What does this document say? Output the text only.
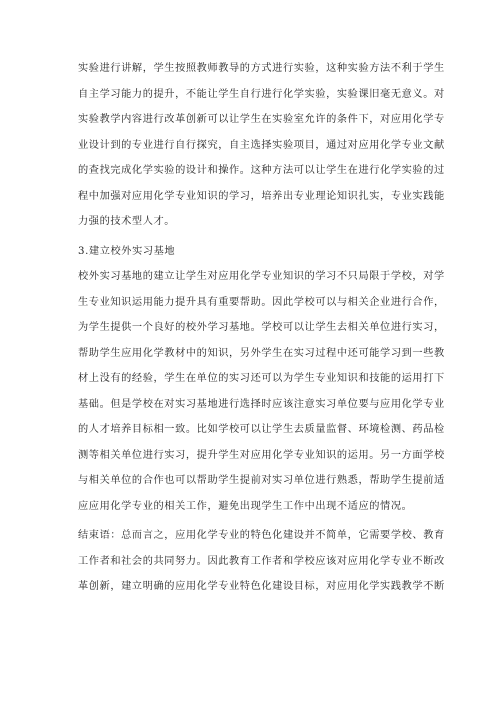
实验进行讲解，学生按照教师教导的方式进行实验，这种实验方法不利于学生
自主学习能力的提升，不能让学生自行进行化学实验，实验课旧毫无意义。对
实验教学内容进行改革创新可以让学生在实验室允许的条件下，对应用化学专
业设计到的专业进行自行探究，自主选择实验项目，通过对应用化学专业文献
的查找完成化学实验的设计和操作。这种方法可以让学生在进行化学实验的过
程中加强对应用化学专业知识的学习，培养出专业理论知识扎实，专业实践能
力强的技术型人才。

3.建立校外实习基地

校外实习基地的建立让学生对应用化学专业知识的学习不只局限于学校，对学
生专业知识运用能力提升具有重要帮助。因此学校可以与相关企业进行合作，
为学生提供一个良好的校外学习基地。学校可以让学生去相关单位进行实习，
帮助学生应用化学教材中的知识，另外学生在实习过程中还可能学习到一些教
材上没有的经验，学生在单位的实习还可以为学生专业知识和技能的运用打下
基础。但是学校在对实习基地进行选择时应该注意实习单位要与应用化学专业
的人才培养目标相一致。比如学校可以让学生去质量监督、环境检测、药品检
测等相关单位进行实习，提升学生对应用化学专业知识的运用。另一方面学校
与相关单位的合作也可以帮助学生提前对实习单位进行熟悉，帮助学生提前适
应应用化学专业的相关工作，避免出现学生工作中出现不适应的情况。

结束语：总而言之，应用化学专业的特色化建设并不简单，它需要学校、教育
工作者和社会的共同努力。因此教育工作者和学校应该对应用化学专业不断改
革创新，建立明确的应用化学专业特色化建设目标，对应用化学实践教学不断
